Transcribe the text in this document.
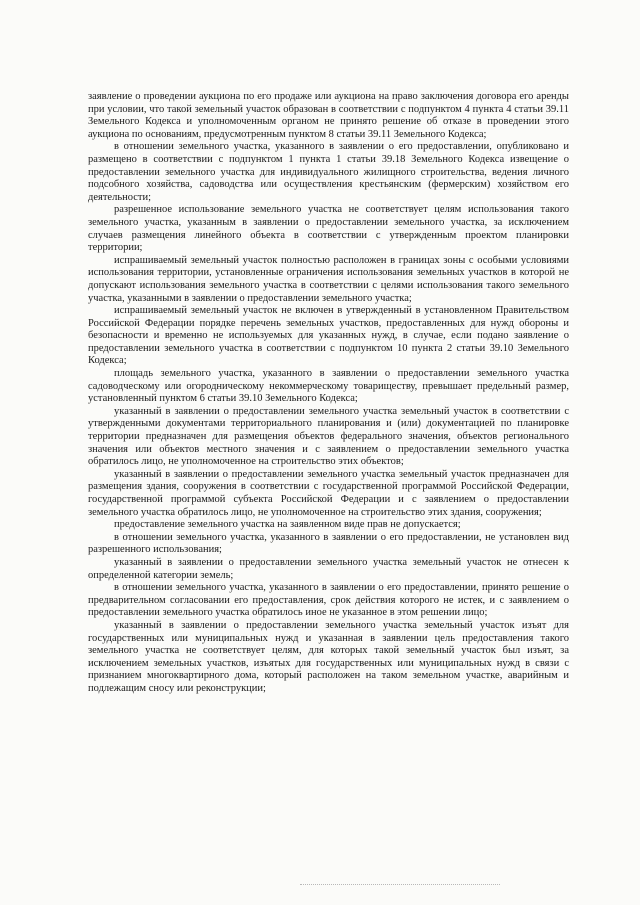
заявление о проведении аукциона по его продаже или аукциона на право заключения договора его аренды при условии, что такой земельный участок образован в соответствии с подпунктом 4 пункта 4 статьи 39.11 Земельного Кодекса и уполномоченным органом не принято решение об отказе в проведении этого аукциона по основаниям, предусмотренным пунктом 8 статьи 39.11 Земельного Кодекса;

в отношении земельного участка, указанного в заявлении о его предоставлении, опубликовано и размещено в соответствии с подпунктом 1 пункта 1 статьи 39.18 Земельного Кодекса извещение о предоставлении земельного участка для индивидуального жилищного строительства, ведения личного подсобного хозяйства, садоводства или осуществления крестьянским (фермерским) хозяйством его деятельности;

разрешенное использование земельного участка не соответствует целям использования такого земельного участка, указанным в заявлении о предоставлении земельного участка, за исключением случаев размещения линейного объекта в соответствии с утвержденным проектом планировки территории;

испрашиваемый земельный участок полностью расположен в границах зоны с особыми условиями использования территории, установленные ограничения использования земельных участков в которой не допускают использования земельного участка в соответствии с целями использования такого земельного участка, указанными в заявлении о предоставлении земельного участка;

испрашиваемый земельный участок не включен в утвержденный в установленном Правительством Российской Федерации порядке перечень земельных участков, предоставленных для нужд обороны и безопасности и временно не используемых для указанных нужд, в случае, если подано заявление о предоставлении земельного участка в соответствии с подпунктом 10 пункта 2 статьи 39.10 Земельного Кодекса;

площадь земельного участка, указанного в заявлении о предоставлении земельного участка садоводческому или огородническому некоммерческому товариществу, превышает предельный размер, установленный пунктом 6 статьи 39.10 Земельного Кодекса;

указанный в заявлении о предоставлении земельного участка земельный участок в соответствии с утвержденными документами территориального планирования и (или) документацией по планировке территории предназначен для размещения объектов федерального значения, объектов регионального значения или объектов местного значения и с заявлением о предоставлении земельного участка обратилось лицо, не уполномоченное на строительство этих объектов;

указанный в заявлении о предоставлении земельного участка земельный участок предназначен для размещения здания, сооружения в соответствии с государственной программой Российской Федерации, государственной программой субъекта Российской Федерации и с заявлением о предоставлении земельного участка обратилось лицо, не уполномоченное на строительство этих здания, сооружения;

предоставление земельного участка на заявленном виде прав не допускается;

в отношении земельного участка, указанного в заявлении о его предоставлении, не установлен вид разрешенного использования;

указанный в заявлении о предоставлении земельного участка земельный участок не отнесен к определенной категории земель;

в отношении земельного участка, указанного в заявлении о его предоставлении, принято решение о предварительном согласовании его предоставления, срок действия которого не истек, и с заявлением о предоставлении земельного участка обратилось иное не указанное в этом решении лицо;

указанный в заявлении о предоставлении земельного участка земельный участок изъят для государственных или муниципальных нужд и указанная в заявлении цель предоставления такого земельного участка не соответствует целям, для которых такой земельный участок был изъят, за исключением земельных участков, изъятых для государственных или муниципальных нужд в связи с признанием многоквартирного дома, который расположен на таком земельном участке, аварийным и подлежащим сносу или реконструкции;
